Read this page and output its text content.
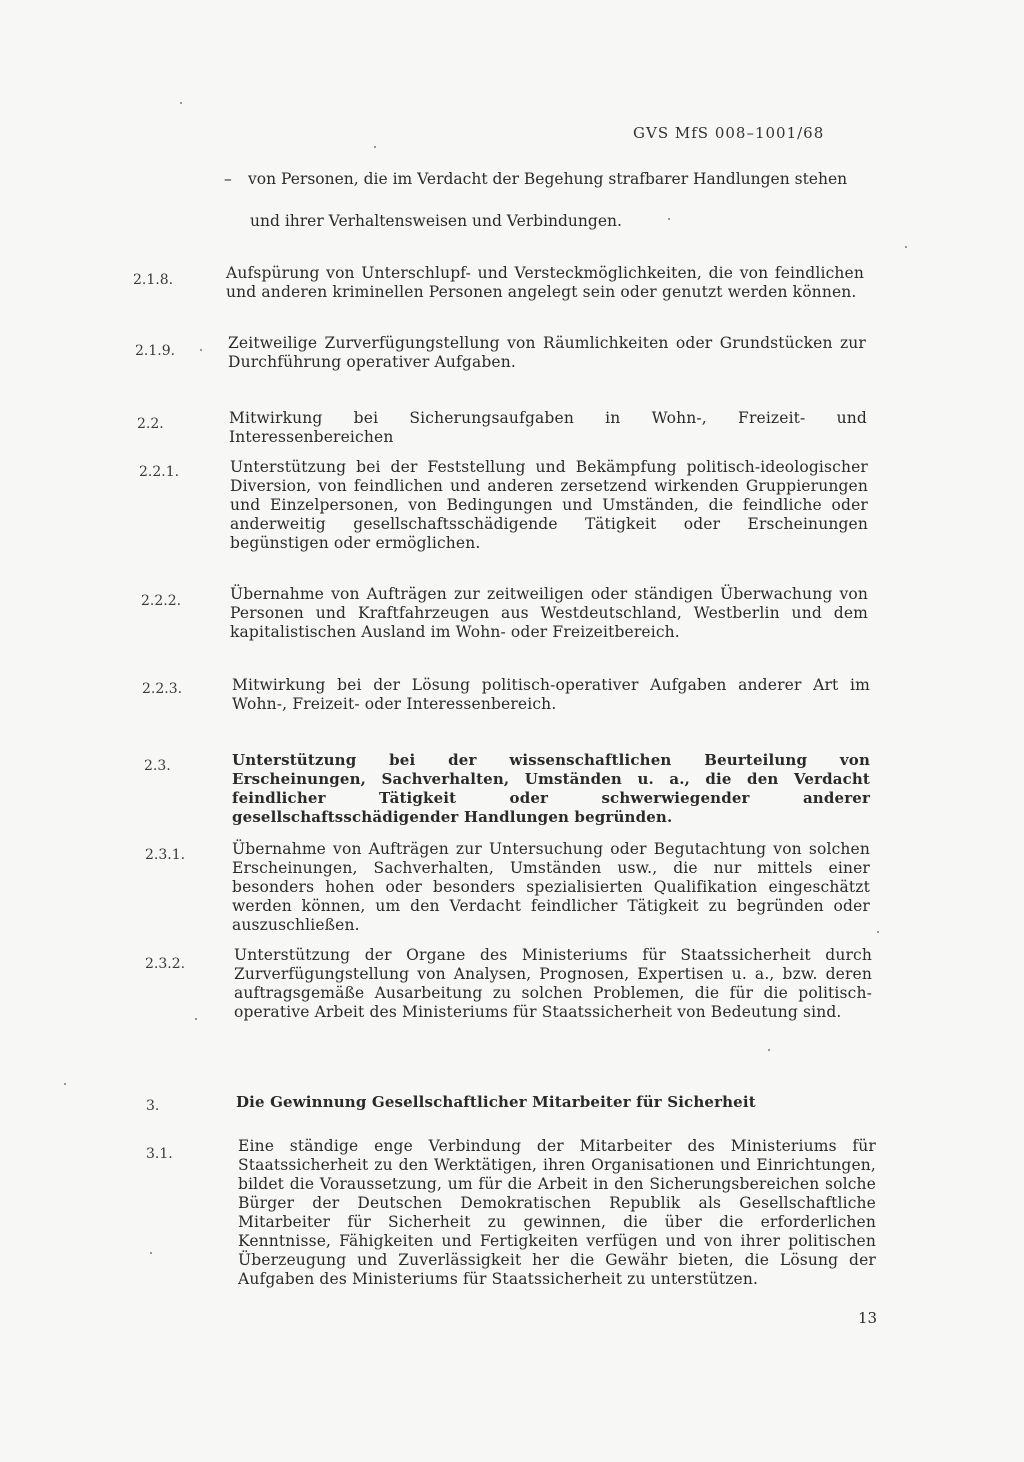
GVS MfS 008–1001/68
– von Personen, die im Verdacht der Begehung strafbarer Handlungen stehen
und ihrer Verhaltensweisen und Verbindungen.
2.1.8.	Aufspürung von Unterschlupf- und Versteckmöglichkeiten, die von feindlichen und anderen kriminellen Personen angelegt sein oder genutzt werden können.
2.1.9.	Zeitweilige Zurverfügungstellung von Räumlichkeiten oder Grundstücken zur Durchführung operativer Aufgaben.
2.2.	Mitwirkung bei Sicherungsaufgaben in Wohn-, Freizeit- und Interessenbereichen
2.2.1.	Unterstützung bei der Feststellung und Bekämpfung politisch-ideologischer Diversion, von feindlichen und anderen zersetzend wirkenden Gruppierungen und Einzelpersonen, von Bedingungen und Umständen, die feindliche oder anderweitig gesellschaftsschädigende Tätigkeit oder Erscheinungen begünstigen oder ermöglichen.
2.2.2.	Übernahme von Aufträgen zur zeitweiligen oder ständigen Überwachung von Personen und Kraftfahrzeugen aus Westdeutschland, Westberlin und dem kapitalistischen Ausland im Wohn- oder Freizeitbereich.
2.2.3.	Mitwirkung bei der Lösung politisch-operativer Aufgaben anderer Art im Wohn-, Freizeit- oder Interessenbereich.
2.3.	Unterstützung bei der wissenschaftlichen Beurteilung von Erscheinungen, Sachverhalten, Umständen u. a., die den Verdacht feindlicher Tätigkeit oder schwerwiegender anderer gesellschaftsschädigender Handlungen begründen.
2.3.1.	Übernahme von Aufträgen zur Untersuchung oder Begutachtung von solchen Erscheinungen, Sachverhalten, Umständen usw., die nur mittels einer besonders hohen oder besonders spezialisierten Qualifikation eingeschätzt werden können, um den Verdacht feindlicher Tätigkeit zu begründen oder auszuschließen.
2.3.2.	Unterstützung der Organe des Ministeriums für Staatssicherheit durch Zurverfügungstellung von Analysen, Prognosen, Expertisen u. a., bzw. deren auftragsgemäße Ausarbeitung zu solchen Problemen, die für die politisch-operative Arbeit des Ministeriums für Staatssicherheit von Bedeutung sind.
3.	Die Gewinnung Gesellschaftlicher Mitarbeiter für Sicherheit
3.1.	Eine ständige enge Verbindung der Mitarbeiter des Ministeriums für Staatssicherheit zu den Werktätigen, ihren Organisationen und Einrichtungen, bildet die Voraussetzung, um für die Arbeit in den Sicherungsbereichen solche Bürger der Deutschen Demokratischen Republik als Gesellschaftliche Mitarbeiter für Sicherheit zu gewinnen, die über die erforderlichen Kenntnisse, Fähigkeiten und Fertigkeiten verfügen und von ihrer politischen Überzeugung und Zuverlässigkeit her die Gewähr bieten, die Lösung der Aufgaben des Ministeriums für Staatssicherheit zu unterstützen.
13
